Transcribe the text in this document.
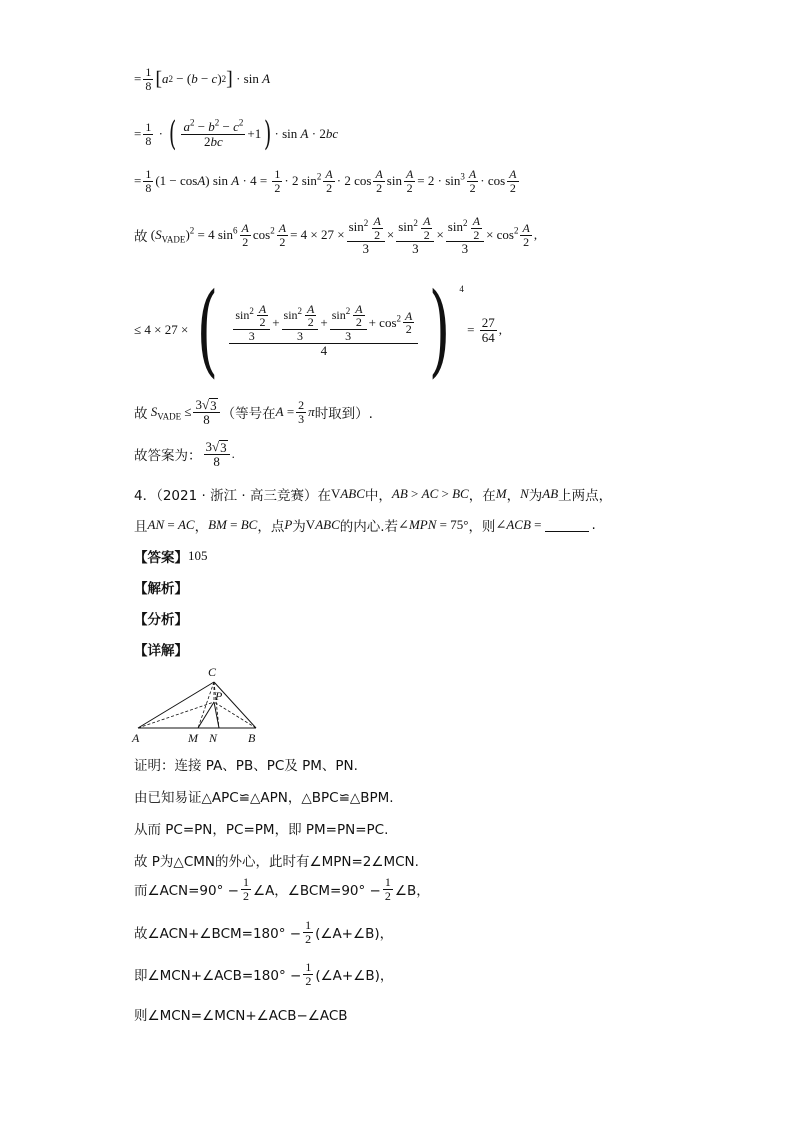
= $\frac{1}{8}$ [ a 2 − ( b − c ) 2 ] · sin A
= $\frac{1}{8}$ · ( $\frac{a^2 - b^2 - c^2}{2bc} +1$ ) · sin A · 2bc
= $\frac{1}{8} (1 - \cos A)$ $\sin A \cdot 4 = \frac{1}{2} \cdot 2$ $\sin^2 \frac{A}{2} \cdot 2$ $\cos \frac{A}{2}$ $\sin \frac{A}{2} = 2 \cdot \sin^3 \frac{A}{2} \cdot \cos \frac{A}{2}$
故 $(S_{VADE})^2 = 4$ $\sin^6 \frac{A}{2} \cos^2 \frac{A}{2} = 4 \times 27 \times \frac{\sin^2 \frac{A}{2}}{3} \times \frac{\sin^2 \frac{A}{2}}{3} \times \frac{\sin^2 \frac{A}{2}}{3} \times \cos^2 \frac{A}{2}$ ,
≤ 4 × 27 × ( $\frac{\sin^2 \frac{A}{2}}{3} + \frac{\sin^2 \frac{A}{2}}{3} + \frac{\sin^2 \frac{A}{2}}{3} + \cos^2 \frac{A}{2}$
4 ) 4
= $\frac{27}{64}$ ,
故 $S_{VADE} \le \frac{3√ 3}{8}$ （等号在 $A = \frac{2}{3}$ π 时取到）.
故答案为： $\frac{3√ 3}{8}$ .
4．（2021 · 浙江 · 高三竞赛）在 VABC 中， AB > AC > BC ，在 M ， N 为 AB 上两点，
且 AN = AC ， BM = BC ，点 P 为 VABC 的内心.若 ∠MPN = 75° ，则 ∠ACB =	.
【答案】 105
【解析】
【分析】
【详解】
C
P
A	M N	B
证明：连接 PA、PB、PC及 PM、PN.
由已知易证△APC≌△APN，△BPC≌△BPM.
从而 PC=PN，PC=PM，即 PM=PN=PC.
故 P为△CMN的外心，此时有∠MPN=2∠MCN.
而∠ACN=90° − $\frac{1}{2}$ ∠A，∠BCM=90° − $\frac{1}{2}$ ∠B，
故∠ACN+∠BCM=180° − $\frac{1}{2}$ (∠A+∠B)，
即∠MCN+∠ACB=180° − $\frac{1}{2}$ (∠A+∠B)，
则∠MCN=∠MCN+∠ACB−∠ACB
